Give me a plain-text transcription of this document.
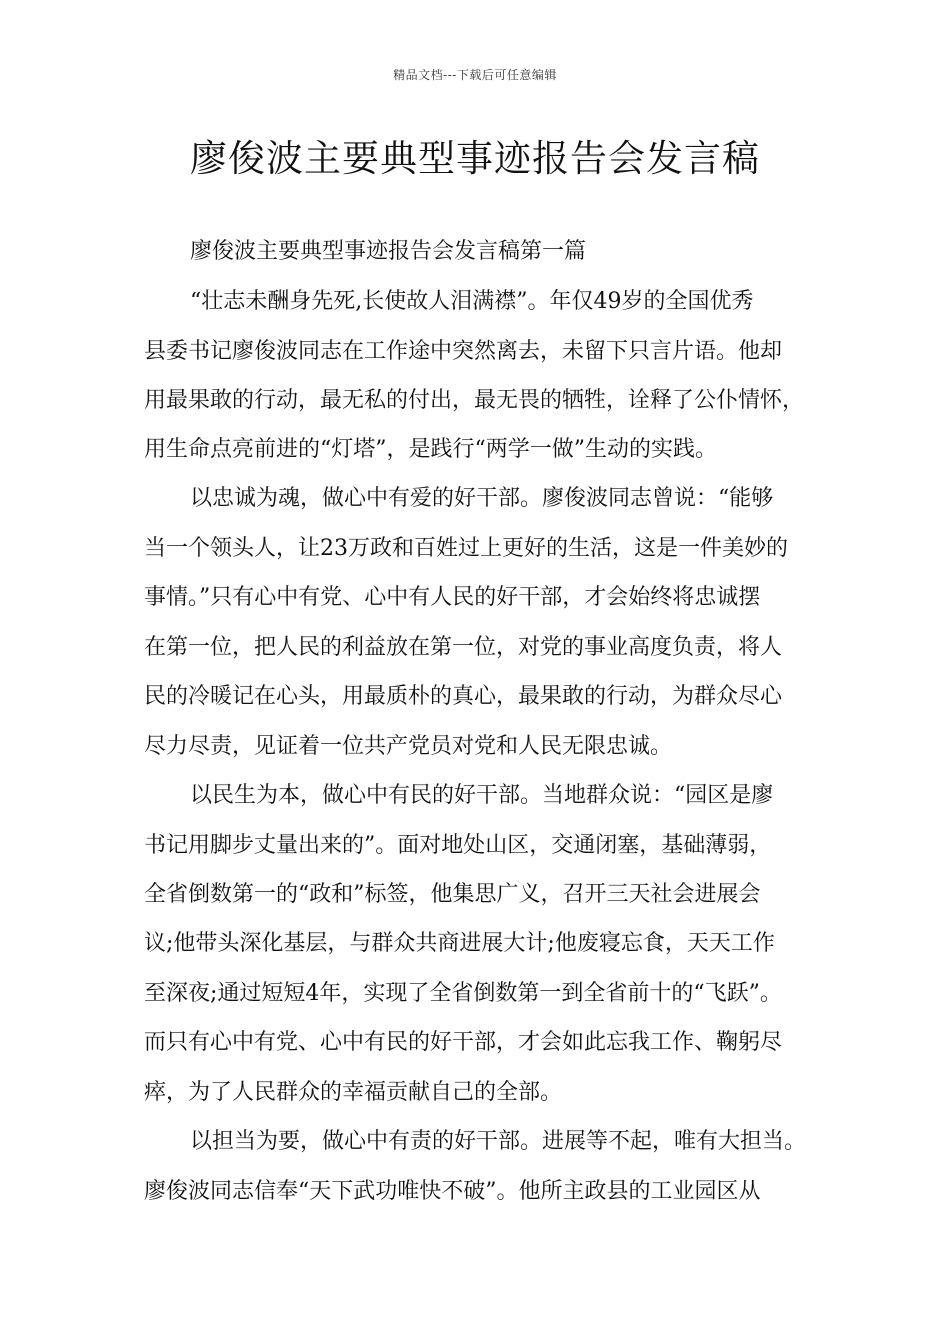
精品文档---下载后可任意编辑
廖俊波主要典型事迹报告会发言稿
廖俊波主要典型事迹报告会发言稿第一篇
“壮志未酬身先死,长使故人泪满襟”。年仅49岁的全国优秀
县委书记廖俊波同志在工作途中突然离去，未留下只言片语。他却
用最果敢的行动，最无私的付出，最无畏的牺牲，诠释了公仆情怀，
用生命点亮前进的“灯塔”，是践行“两学一做”生动的实践。
以忠诚为魂，做心中有爱的好干部。廖俊波同志曾说：“能够
当一个领头人，让23万政和百姓过上更好的生活，这是一件美妙的
事情。”只有心中有党、心中有人民的好干部，才会始终将忠诚摆
在第一位，把人民的利益放在第一位，对党的事业高度负责，将人
民的冷暖记在心头，用最质朴的真心，最果敢的行动，为群众尽心
尽力尽责，见证着一位共产党员对党和人民无限忠诚。
以民生为本，做心中有民的好干部。当地群众说：“园区是廖
书记用脚步丈量出来的”。面对地处山区，交通闭塞，基础薄弱，
全省倒数第一的“政和”标签，他集思广义，召开三天社会进展会
议;他带头深化基层，与群众共商进展大计;他废寝忘食，天天工作
至深夜;通过短短4年，实现了全省倒数第一到全省前十的“飞跃”。
而只有心中有党、心中有民的好干部，才会如此忘我工作、鞠躬尽
瘁，为了人民群众的幸福贡献自己的全部。
以担当为要，做心中有责的好干部。进展等不起，唯有大担当。
廖俊波同志信奉“天下武功唯快不破”。他所主政县的工业园区从
